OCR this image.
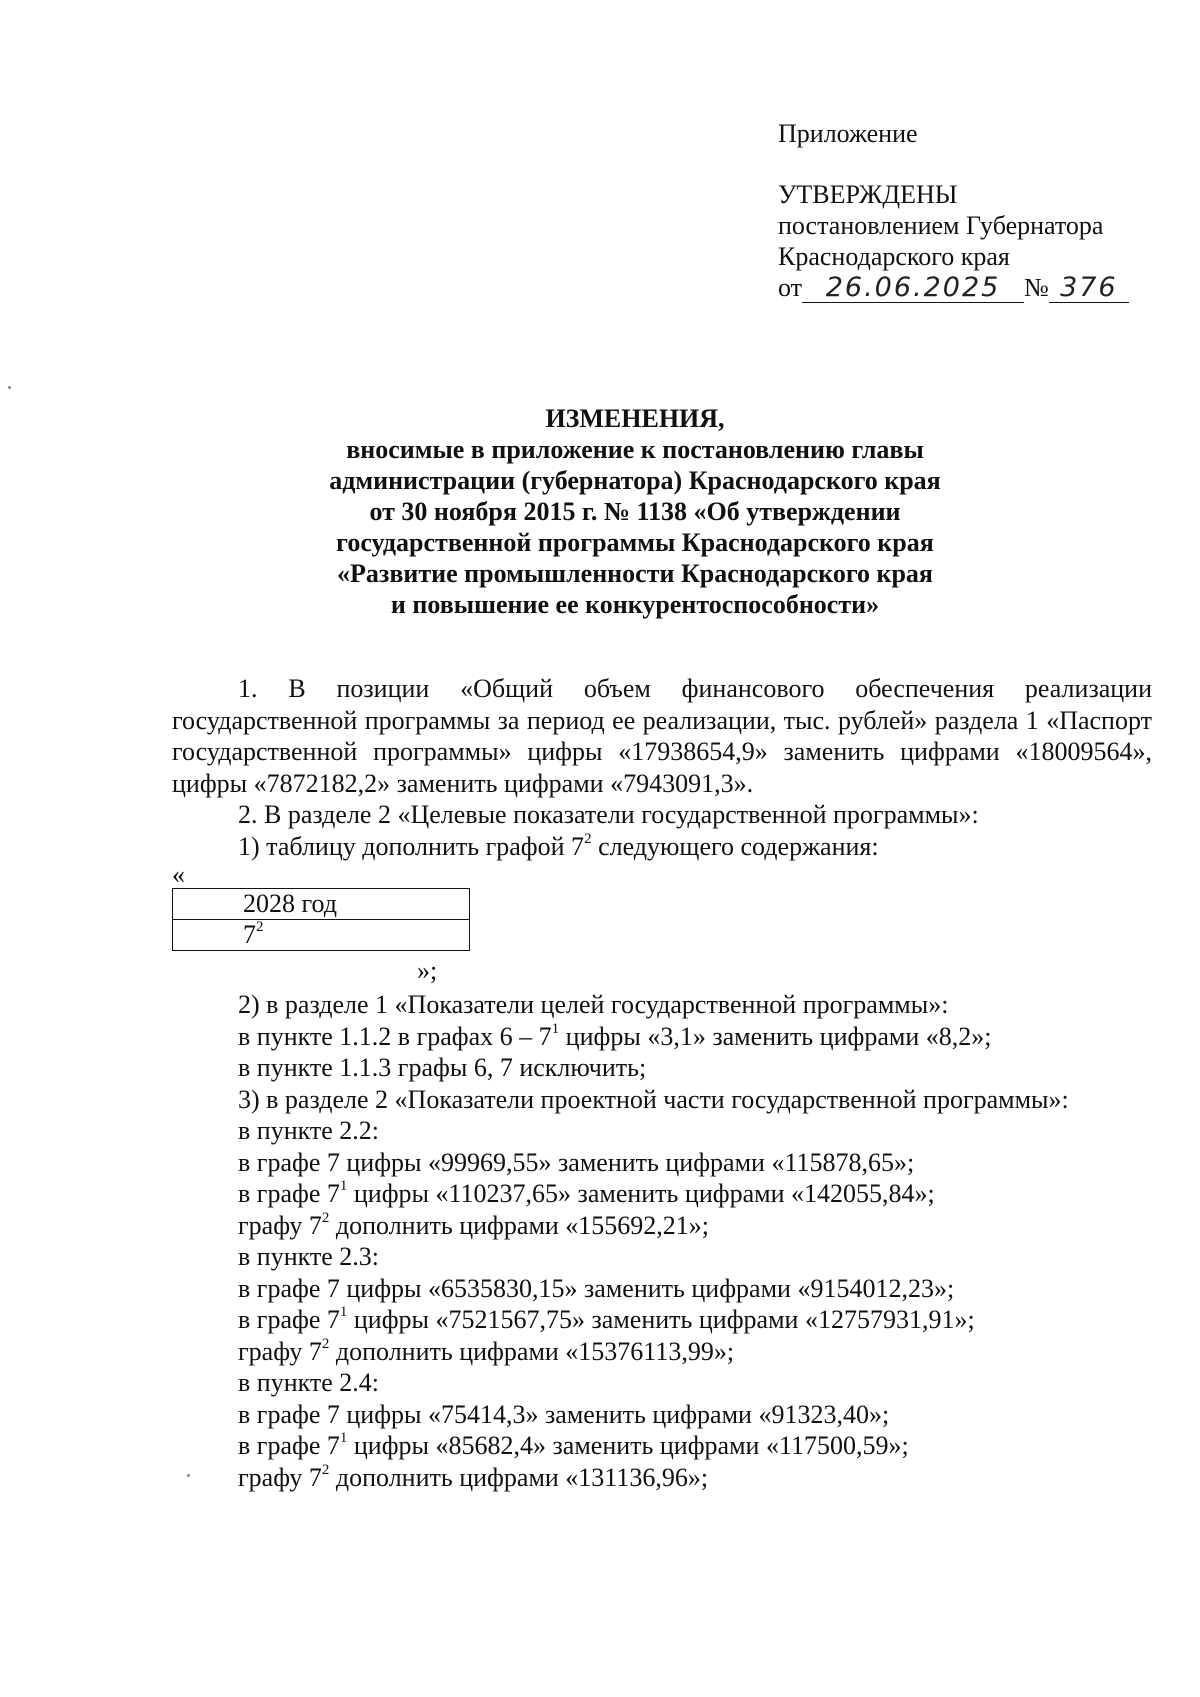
Приложение
УТВЕРЖДЕНЫ
постановлением Губернатора
Краснодарского края
от 26.06.2025 № 376
ИЗМЕНЕНИЯ,
вносимые в приложение к постановлению главы
администрации (губернатора) Краснодарского края
от 30 ноября 2015 г. № 1138 «Об утверждении
государственной программы Краснодарского края
«Развитие промышленности Краснодарского края
и повышение ее конкурентоспособности»

1. В позиции «Общий объем финансового обеспечения реализации государственной программы за период ее реализации, тыс. рублей» раздела 1 «Паспорт государственной программы» цифры «17938654,9» заменить цифрами «18009564», цифры «7872182,2» заменить цифрами «7943091,3».

2. В разделе 2 «Целевые показатели государственной программы»:

1) таблицу дополнить графой $7^2$ следующего содержания:

«
2028 год
$7^2$
»;

2) в разделе 1 «Показатели целей государственной программы»:

в пункте 1.1.2 в графах $6 - 7^1$ цифры «3,1» заменить цифрами «8,2»;

в пункте 1.1.3 графы 6, 7 исключить;

3) в разделе 2 «Показатели проектной части государственной программы»:

в пункте 2.2:

в графе 7 цифры «99969,55» заменить цифрами «115878,65»;

в графе $7^1$ цифры «110237,65» заменить цифрами «142055,84»;

графу $7^2$ дополнить цифрами «155692,21»;

в пункте 2.3:

в графе 7 цифры «6535830,15» заменить цифрами «9154012,23»;

в графе $7^1$ цифры «7521567,75» заменить цифрами «12757931,91»;

графу $7^2$ дополнить цифрами «15376113,99»;

в пункте 2.4:

в графе 7 цифры «75414,3» заменить цифрами «91323,40»;

в графе $7^1$ цифры «85682,4» заменить цифрами «117500,59»;

графу $7^2$ дополнить цифрами «131136,96»;
